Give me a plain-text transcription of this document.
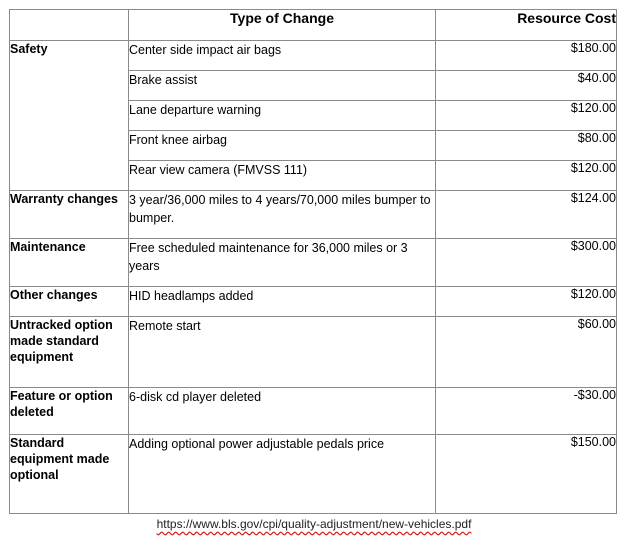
	Type of Change	Resource Cost
Safety	Center side impact air bags	$180.00
	Brake assist	$40.00
	Lane departure warning	$120.00
	Front knee airbag	$80.00
	Rear view camera (FMVSS 111)	$120.00
Warranty changes	3 year/36,000 miles to 4 years/70,000 miles bumper to bumper.	$124.00
Maintenance	Free scheduled maintenance for 36,000 miles or 3 years	$300.00
Other changes	HID headlamps added	$120.00
Untracked option made standard equipment	Remote start	$60.00
Feature or option deleted	6-disk cd player deleted	-$30.00
Standard equipment made optional	Adding optional power adjustable pedals price	$150.00
https://www.bls.gov/cpi/quality-adjustment/new-vehicles.pdf
